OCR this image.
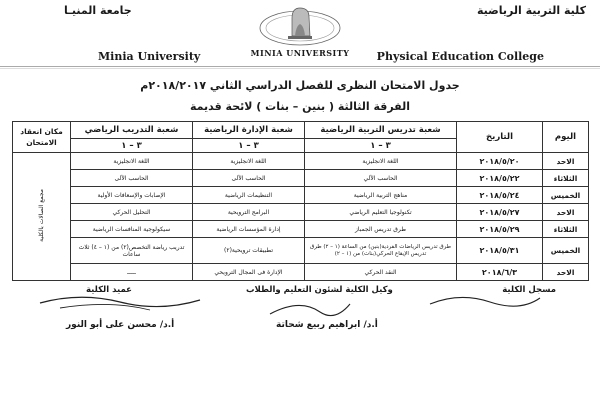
كلية التربية الرياضية
جامعة المنيـا
MINIA UNIVERSITY
Minia University	Physical Education College
جدول الامتحان النظرى للفصل الدراسي الثاني ٢٠١٨/٢٠١٧م
الفرقة الثالثة ( بنين – بنات ) لائحة قديمة
اليوم	التاريخ	شعبة تدريس التربية الرياضية	شعبة الإدارة الرياضية	شعبة التدريب الرياضي	مكان انعقاد الامتحان
		٣ – ١	٣ – ١	٣ – ١	
الاحد	٢٠١٨/٥/٢٠	اللغة الانجليزية	اللغة الانجليزية	اللغة الانجليزية	مجمع الصالات بالكلية
الثلاثاء	٢٠١٨/٥/٢٢	الحاسب الآلي	الحاسب الآلى	الحاسب الآلى	
الخميس	٢٠١٨/٥/٢٤	مناهج التربية الرياضية	التنظيمات الرياضية	الإصابات والإسعافات الأولية	
الاحد	٢٠١٨/٥/٢٧	تكنولوجيا التعليم الرياضي	البرامج الترويحية	التحليل الحركي	
الثلاثاء	٢٠١٨/٥/٢٩	طرق تدريس الجمباز	إدارة المؤسسات الرياضية	سيكولوجية المنافسات الرياضية	
الخميس	٢٠١٨/٥/٣١	طرق تدريس الرياضات الفردية(بنين) من الساعة (١ – ٢) طرق تدريس الإيقاع الحركي(بنات) من (١ – ٢)	تطبيقات ترويحية(٢)	تدريب رياضة التخصص(٢) من (١ – ٤) ثلاث ساعات	
الاحد	٢٠١٨/٦/٣	النقد الحركي	الإدارة فى المجال الترويحي	ـــــ	
مسجل الكلية
وكيل الكلية لشئون التعليم والطلاب
عميد الكلية
أ.د/ ابراهيم ربيع شحاتة
أ.د/ محسن على أبو النور
